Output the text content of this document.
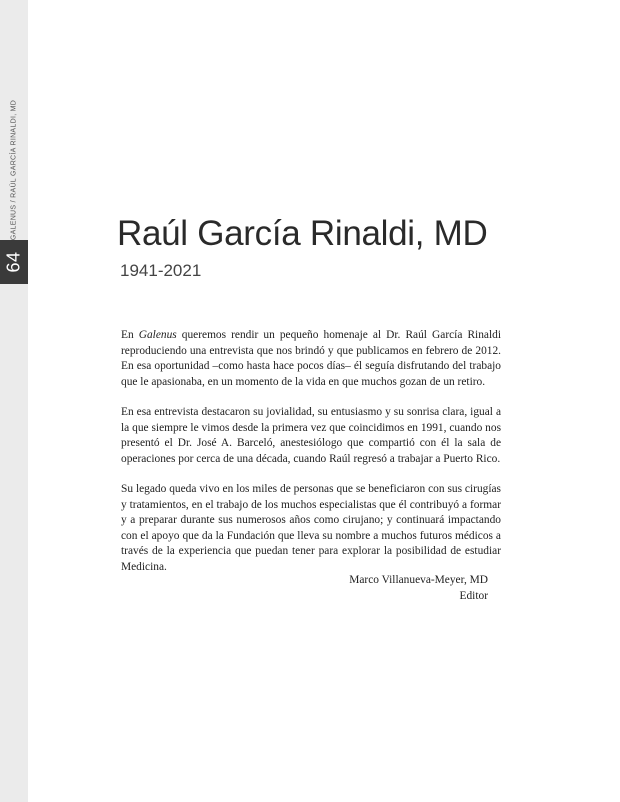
64
GALENUS / RAÚL GARCÍA RINALDI, MD	Raúl García Rinaldi, MD
1941-2021

En Galenus queremos rendir un pequeño homenaje al Dr. Raúl García Rinaldi reproduciendo una entrevista que nos brindó y que publicamos en febrero de 2012. En esa oportunidad –como hasta hace pocos días– él seguía disfrutando del trabajo que le apasionaba, en un momento de la vida en que muchos gozan de un retiro.

En esa entrevista destacaron su jovialidad, su entusiasmo y su sonrisa clara, igual a la que siempre le vimos desde la primera vez que coincidimos en 1991, cuando nos presentó el Dr. José A. Barceló, anestesiólogo que compartió con él la sala de operaciones por cerca de una década, cuando Raúl regresó a trabajar a Puerto Rico.

Su legado queda vivo en los miles de personas que se beneficiaron con sus cirugías y tratamientos, en el trabajo de los muchos especialistas que él contribuyó a formar y a preparar durante sus numerosos años como cirujano; y continuará impactando con el apoyo que da la Fundación que lleva su nombre a muchos futuros médicos a través de la experiencia que puedan tener para explorar la posibilidad de estudiar Medicina.

Marco Villanueva-Meyer, MD
Editor
